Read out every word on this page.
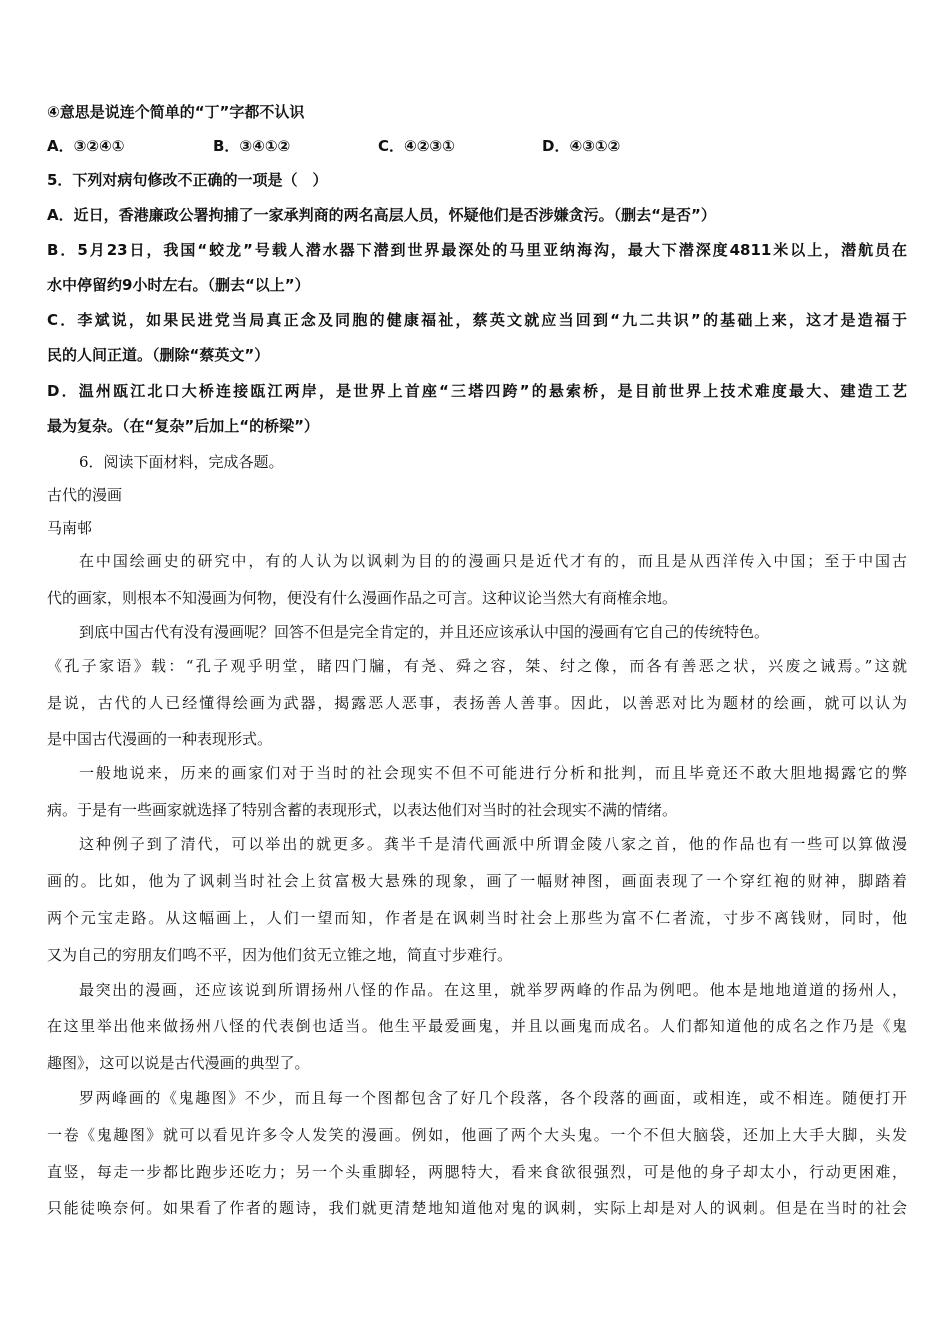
④意思是说连个简单的“丁”字都不认识
A．③②④①	B．③④①②	C．④②③①	D．④③①②
5．下列对病句修改不正确的一项是（　）
A．近日，香港廉政公署拘捕了一家承判商的两名高层人员，怀疑他们是否涉嫌贪污。（删去“是否”）
B．5月23日，我国“蛟龙”号载人潜水器下潜到世界最深处的马里亚纳海沟，最大下潜深度4811米以上，潜航员在
水中停留约9小时左右。（删去“以上”）
C．李斌说，如果民进党当局真正念及同胞的健康福祉，蔡英文就应当回到“九二共识”的基础上来，这才是造福于
民的人间正道。（删除“蔡英文”）
D．温州瓯江北口大桥连接瓯江两岸，是世界上首座“三塔四跨”的悬索桥，是目前世界上技术难度最大、建造工艺
最为复杂。（在“复杂”后加上“的桥梁”）
6．阅读下面材料，完成各题。
古代的漫画
马南邨
在中国绘画史的研究中，有的人认为以讽刺为目的的漫画只是近代才有的，而且是从西洋传入中国；至于中国古
代的画家，则根本不知漫画为何物，便没有什么漫画作品之可言。这种议论当然大有商榷余地。
到底中国古代有没有漫画呢？回答不但是完全肯定的，并且还应该承认中国的漫画有它自己的传统特色。
《孔子家语》载：“孔子观乎明堂，睹四门牖，有尧、舜之容，桀、纣之像，而各有善恶之状，兴废之诫焉。”这就
是说，古代的人已经懂得绘画为武器，揭露恶人恶事，表扬善人善事。因此，以善恶对比为题材的绘画，就可以认为
是中国古代漫画的一种表现形式。
一般地说来，历来的画家们对于当时的社会现实不但不可能进行分析和批判，而且毕竟还不敢大胆地揭露它的弊
病。于是有一些画家就选择了特别含蓄的表现形式，以表达他们对当时的社会现实不满的情绪。
这种例子到了清代，可以举出的就更多。龚半千是清代画派中所谓金陵八家之首，他的作品也有一些可以算做漫
画的。比如，他为了讽刺当时社会上贫富极大悬殊的现象，画了一幅财神图，画面表现了一个穿红袍的财神，脚踏着
两个元宝走路。从这幅画上，人们一望而知，作者是在讽刺当时社会上那些为富不仁者流，寸步不离钱财，同时，他
又为自己的穷朋友们鸣不平，因为他们贫无立锥之地，简直寸步难行。
最突出的漫画，还应该说到所谓扬州八怪的作品。在这里，就举罗两峰的作品为例吧。他本是地地道道的扬州人，
在这里举出他来做扬州八怪的代表倒也适当。他生平最爱画鬼，并且以画鬼而成名。人们都知道他的成名之作乃是《鬼
趣图》，这可以说是古代漫画的典型了。
罗两峰画的《鬼趣图》不少，而且每一个图都包含了好几个段落，各个段落的画面，或相连，或不相连。随便打开
一卷《鬼趣图》就可以看见许多令人发笑的漫画。例如，他画了两个大头鬼。一个不但大脑袋，还加上大手大脚，头发
直竖，每走一步都比跑步还吃力；另一个头重脚轻，两腮特大，看来食欲很强烈，可是他的身子却太小，行动更困难，
只能徒唤奈何。如果看了作者的题诗，我们就更清楚地知道他对鬼的讽刺，实际上却是对人的讽刺。但是在当时的社会
